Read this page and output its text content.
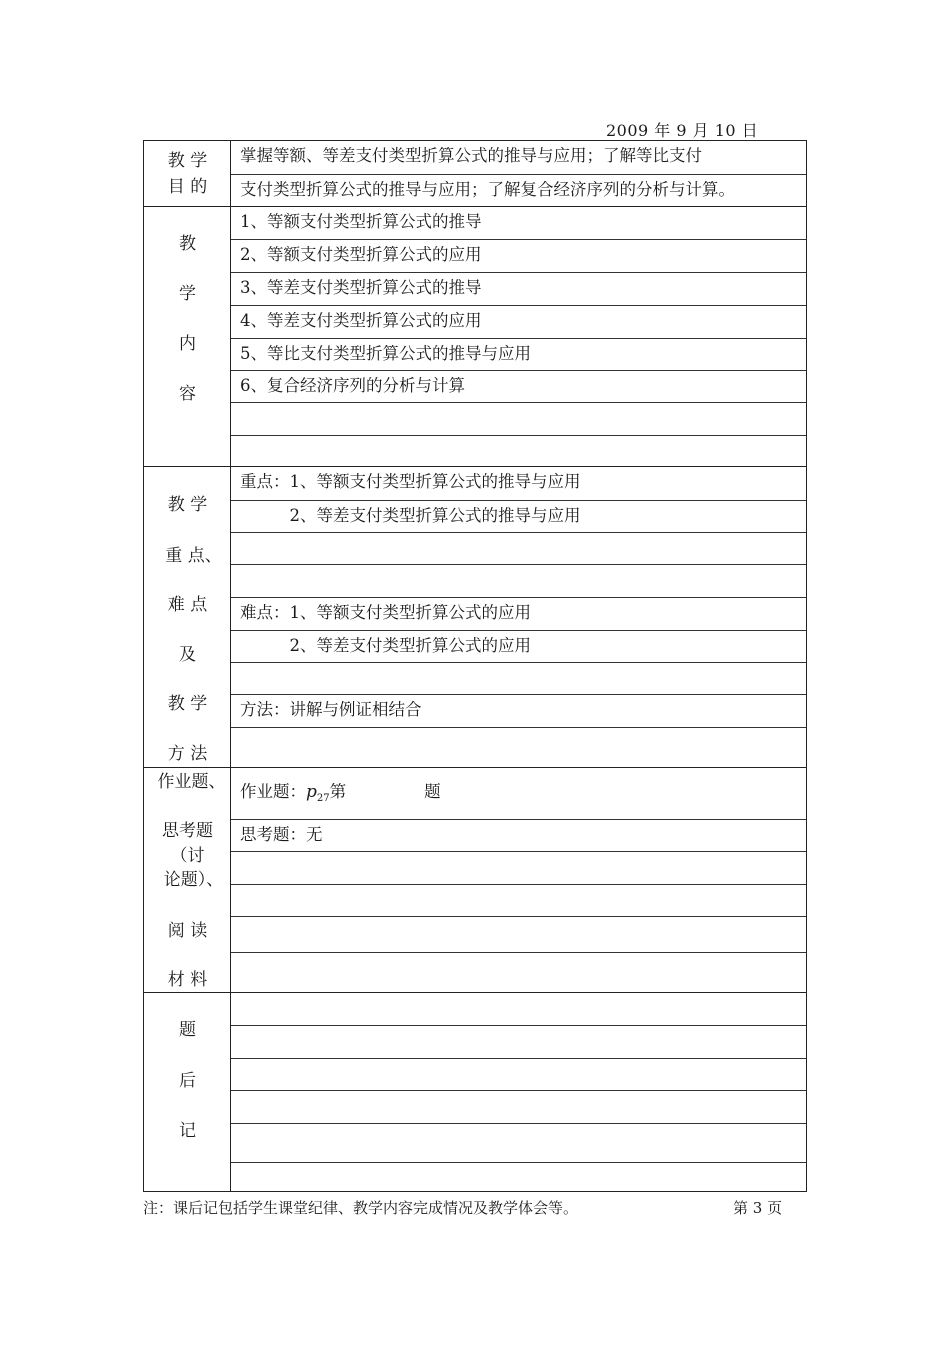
2009 年 9 月 10 日
教 学
目 的
掌握等额、等差支付类型折算公式的推导与应用；了解等比支付
支付类型折算公式的推导与应用；了解复合经济序列的分析与计算。
教
学
内
容
1、等额支付类型折算公式的推导
2、等额支付类型折算公式的应用
3、等差支付类型折算公式的推导
4、等差支付类型折算公式的应用
5、等比支付类型折算公式的推导与应用
6、复合经济序列的分析与计算
教 学
重 点、
难 点
及
教 学
方 法
重点：1、等额支付类型折算公式的推导与应用
　　　2、等差支付类型折算公式的推导与应用
难点：1、等额支付类型折算公式的应用
　　　2、等差支付类型折算公式的应用
方法：讲解与例证相结合
作业题、
思考题
（讨
论题）、
阅 读
材 料
作业题：$p_{27}$第	题
思考题：无
题
后
记
注：课后记包括学生课堂纪律、教学内容完成情况及教学体会等。	第 3 页
